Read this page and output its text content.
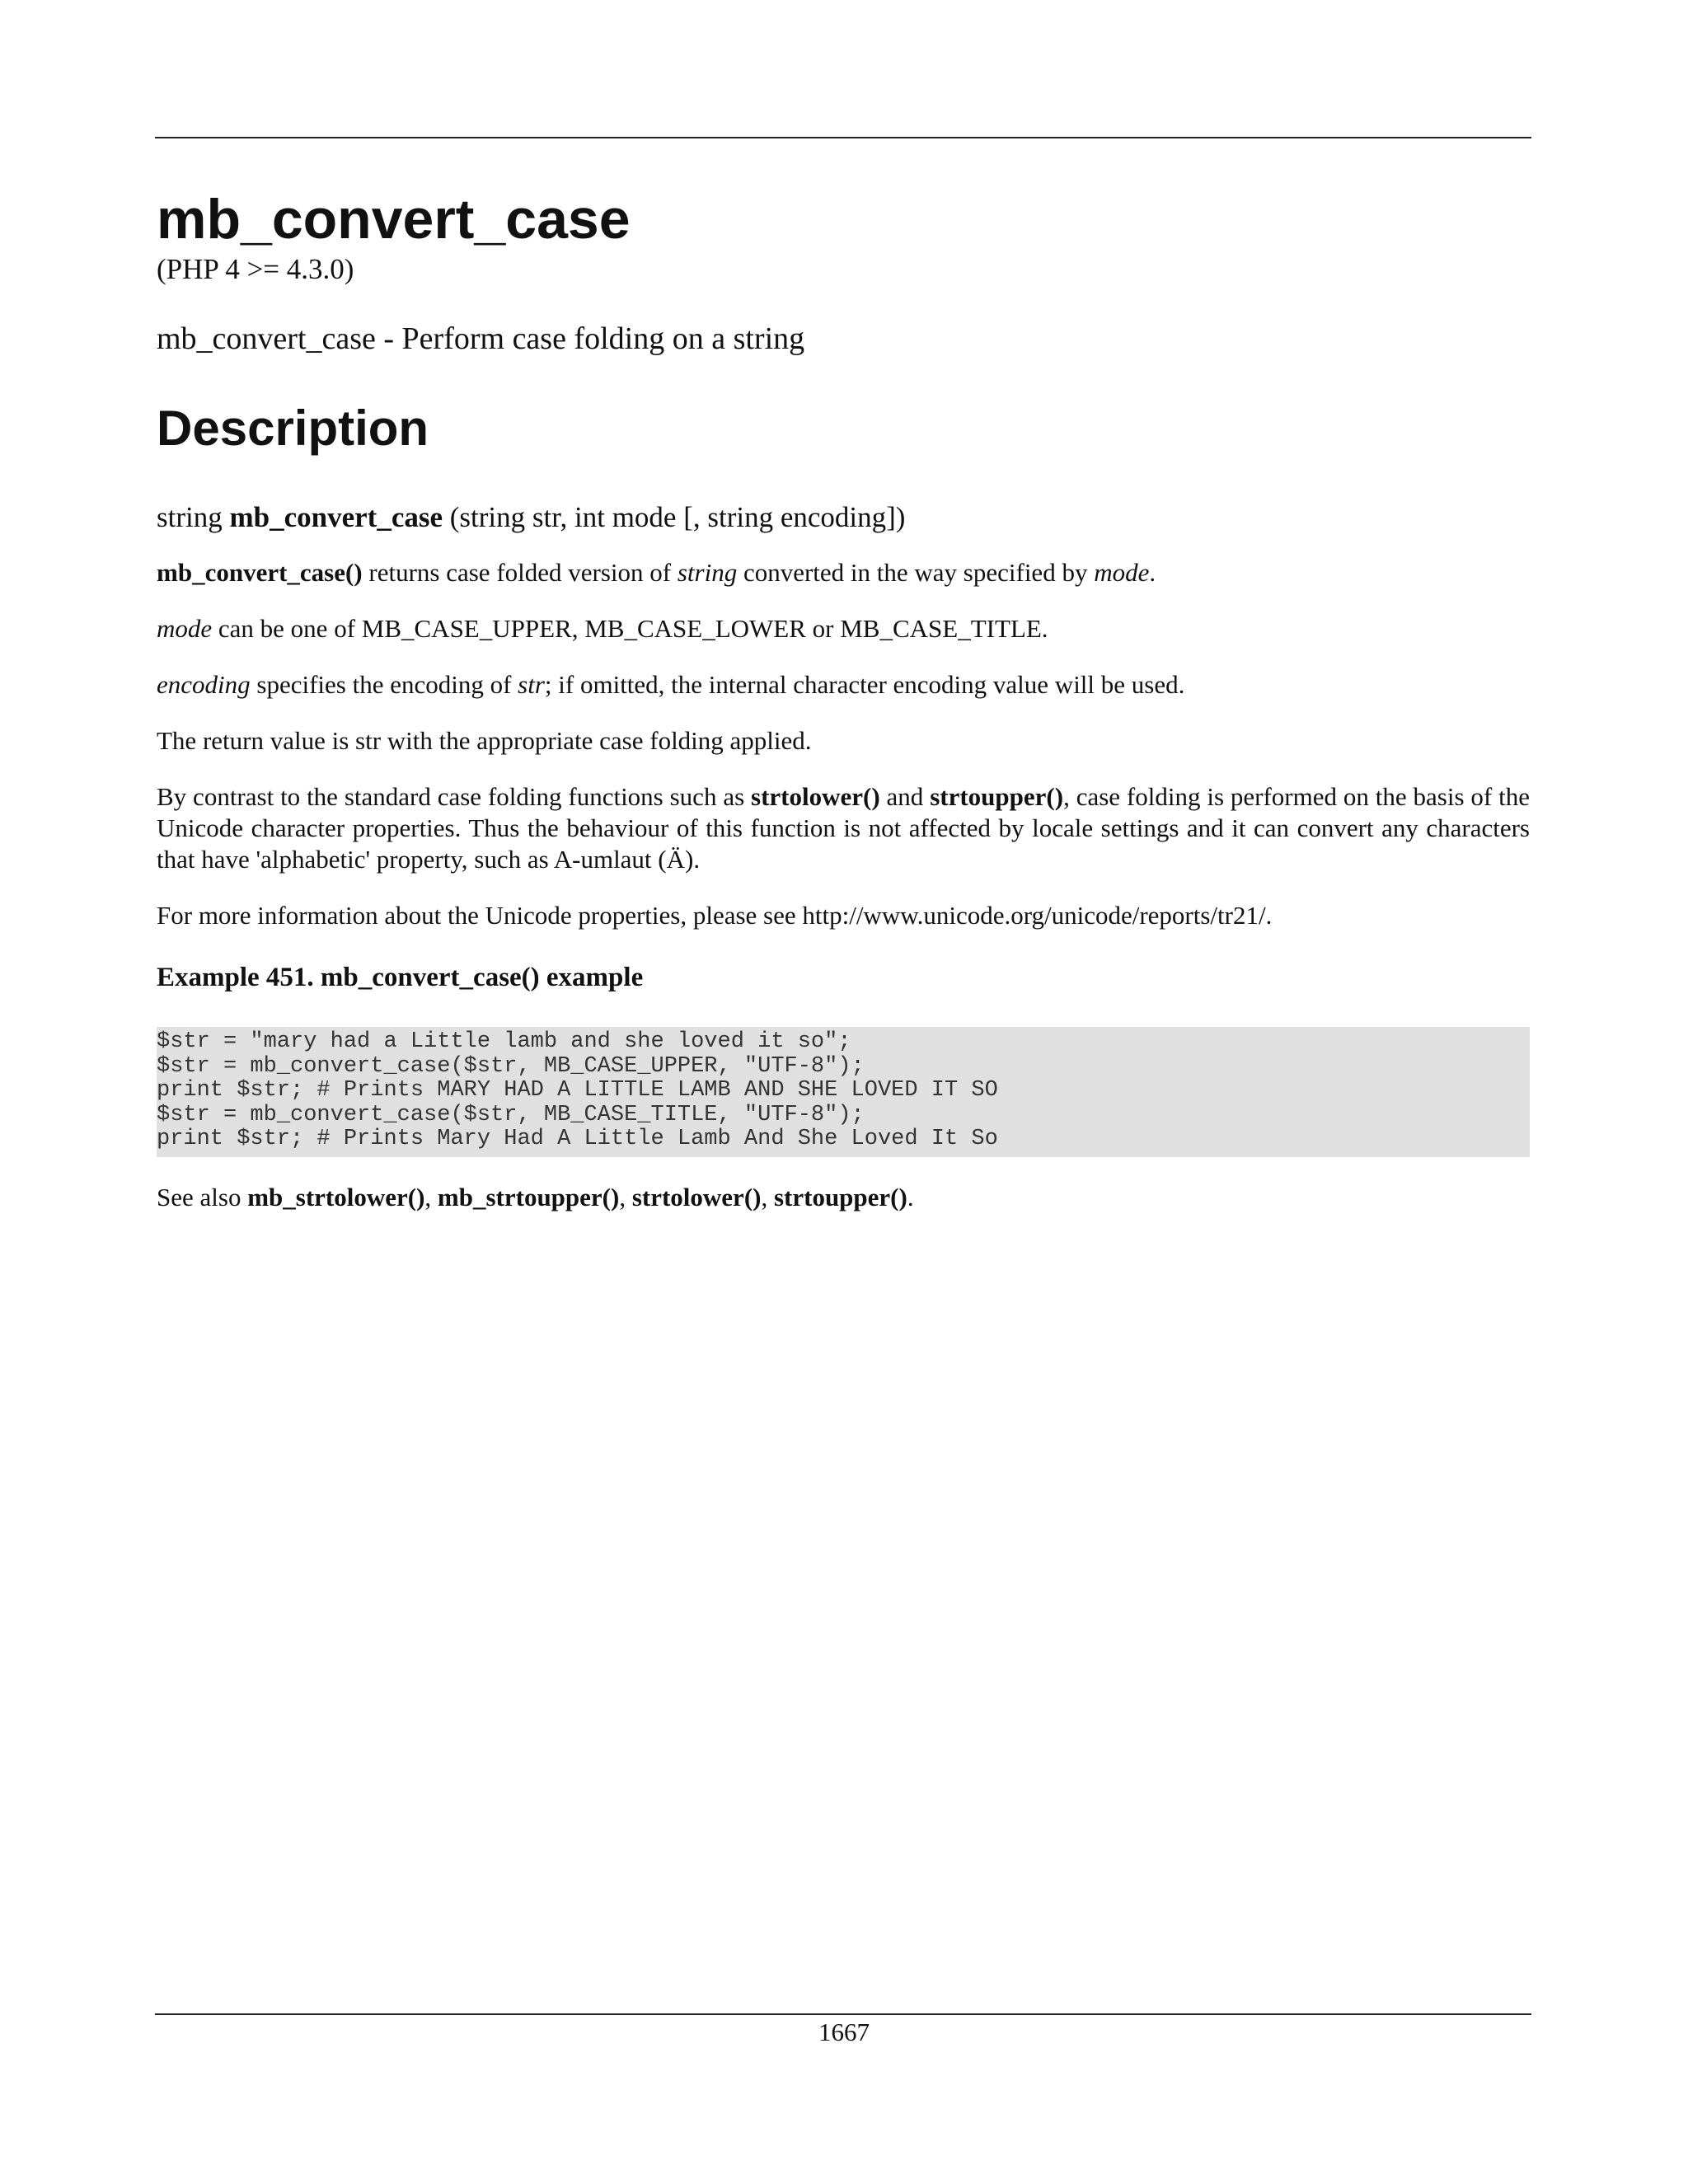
mb_convert_case
(PHP 4 >= 4.3.0)
mb_convert_case - Perform case folding on a string
Description
string mb_convert_case (string str, int mode [, string encoding])

mb_convert_case() returns case folded version of string converted in the way specified by mode.

mode can be one of MB_CASE_UPPER, MB_CASE_LOWER or MB_CASE_TITLE.

encoding specifies the encoding of str; if omitted, the internal character encoding value will be used.

The return value is str with the appropriate case folding applied.

By contrast to the standard case folding functions such as strtolower() and strtoupper(), case folding is performed on the basis of the Unicode character properties. Thus the behaviour of this function is not affected by locale settings and it can convert any characters that have 'alphabetic' property, such as A-umlaut (Ä).

For more information about the Unicode properties, please see http://www.unicode.org/unicode/reports/tr21/.

Example 451. mb_convert_case() example
$str = "mary had a Little lamb and she loved it so";
$str = mb_convert_case($str, MB_CASE_UPPER, "UTF-8");
print $str; # Prints MARY HAD A LITTLE LAMB AND SHE LOVED IT SO
$str = mb_convert_case($str, MB_CASE_TITLE, "UTF-8");
print $str; # Prints Mary Had A Little Lamb And She Loved It So

See also mb_strtolower(), mb_strtoupper(), strtolower(), strtoupper().

1667
